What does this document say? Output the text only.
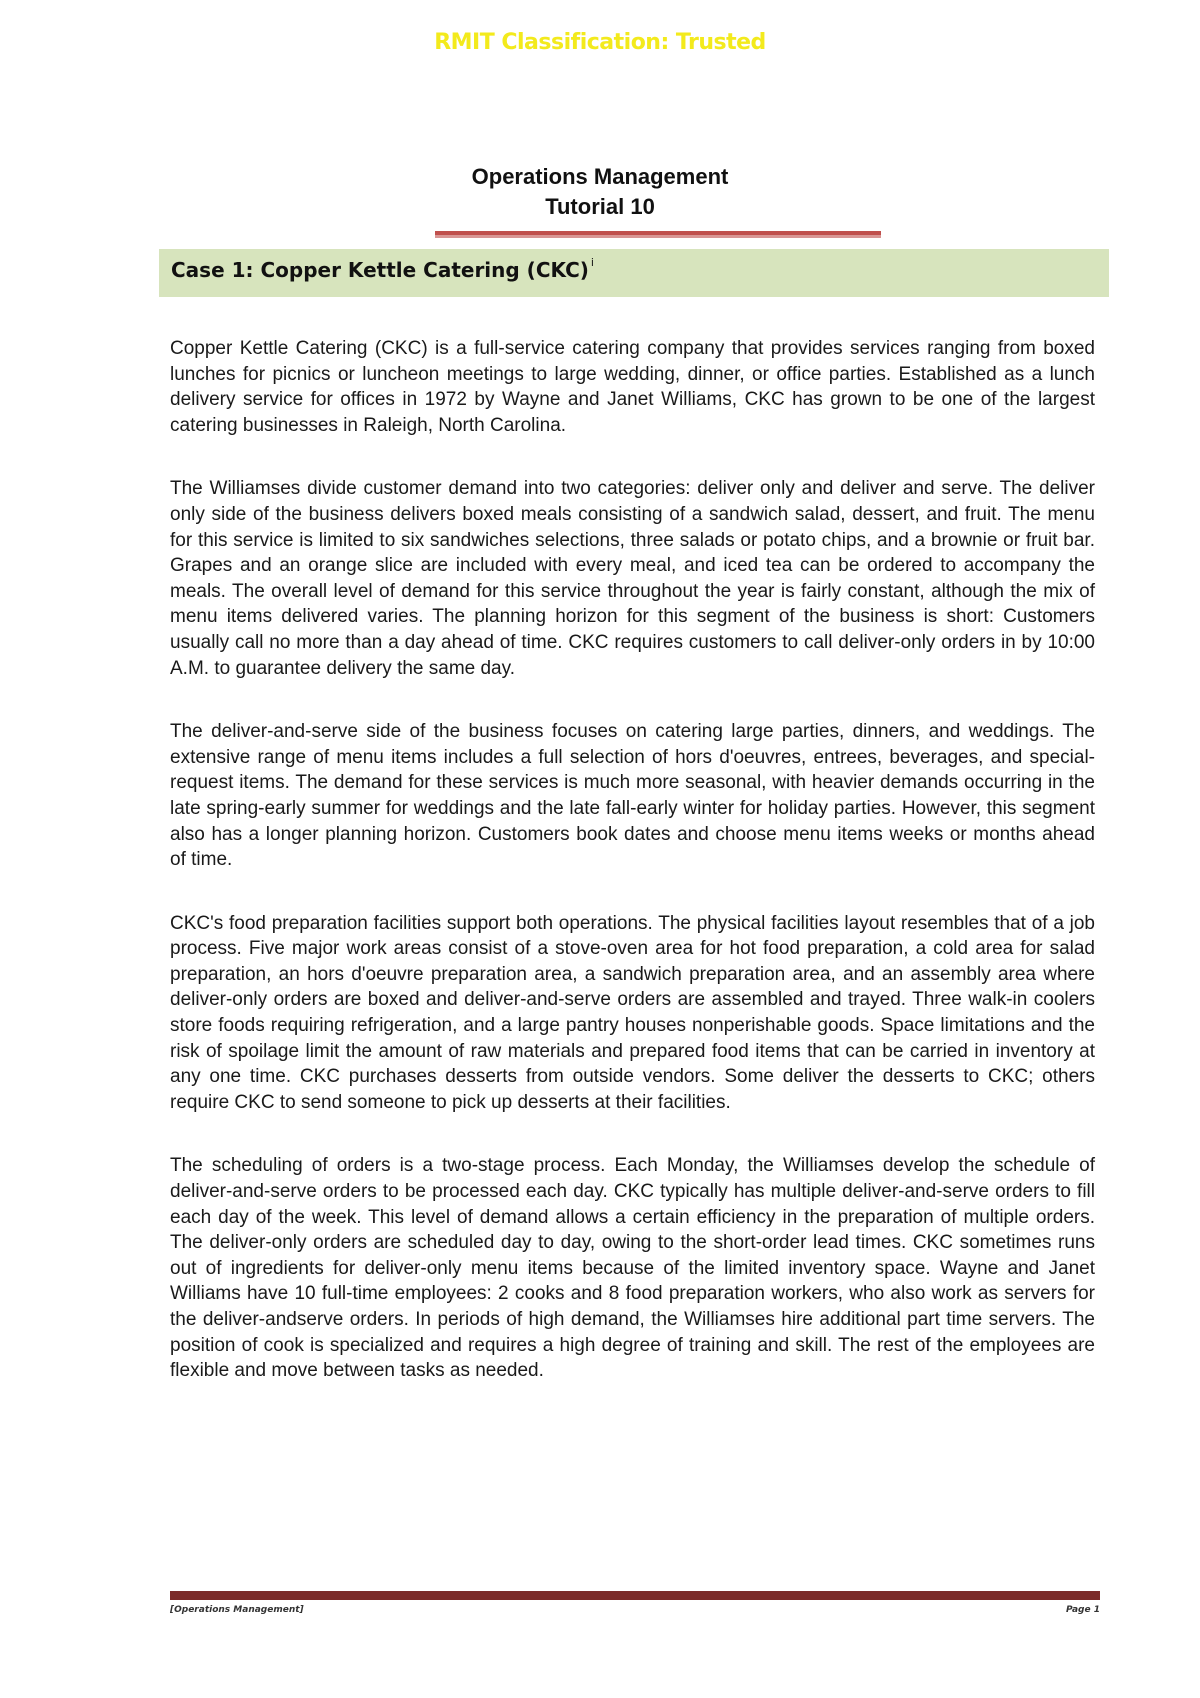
RMIT Classification: Trusted
Operations Management
Tutorial 10
Case 1: Copper Kettle Catering (CKC) $^i$

Copper Kettle Catering (CKC) is a full-service catering company that provides services ranging from boxed lunches for picnics or luncheon meetings to large wedding, dinner, or office parties. Established as a lunch delivery service for offices in 1972 by Wayne and Janet Williams, CKC has grown to be one of the largest catering businesses in Raleigh, North Carolina.

The Williamses divide customer demand into two categories: deliver only and deliver and serve. The deliver only side of the business delivers boxed meals consisting of a sandwich salad, dessert, and fruit. The menu for this service is limited to six sandwiches selections, three salads or potato chips, and a brownie or fruit bar. Grapes and an orange slice are included with every meal, and iced tea can be ordered to accompany the meals. The overall level of demand for this service throughout the year is fairly constant, although the mix of menu items delivered varies. The planning horizon for this segment of the business is short: Customers usually call no more than a day ahead of time. CKC requires customers to call deliver-only orders in by 10:00 A.M. to guarantee delivery the same day.

The deliver-and-serve side of the business focuses on catering large parties, dinners, and weddings. The extensive range of menu items includes a full selection of hors d'oeuvres, entrees, beverages, and special-request items. The demand for these services is much more seasonal, with heavier demands occurring in the late spring-early summer for weddings and the late fall-early winter for holiday parties. However, this segment also has a longer planning horizon. Customers book dates and choose menu items weeks or months ahead of time.

CKC's food preparation facilities support both operations. The physical facilities layout resembles that of a job process. Five major work areas consist of a stove-oven area for hot food preparation, a cold area for salad preparation, an hors d'oeuvre preparation area, a sandwich preparation area, and an assembly area where deliver-only orders are boxed and deliver-and-serve orders are assembled and trayed. Three walk-in coolers store foods requiring refrigeration, and a large pantry houses nonperishable goods. Space limitations and the risk of spoilage limit the amount of raw materials and prepared food items that can be carried in inventory at any one time. CKC purchases desserts from outside vendors. Some deliver the desserts to CKC; others require CKC to send someone to pick up desserts at their facilities.

The scheduling of orders is a two-stage process. Each Monday, the Williamses develop the schedule of deliver-and-serve orders to be processed each day. CKC typically has multiple deliver-and-serve orders to fill each day of the week. This level of demand allows a certain efficiency in the preparation of multiple orders. The deliver-only orders are scheduled day to day, owing to the short-order lead times. CKC sometimes runs out of ingredients for deliver-only menu items because of the limited inventory space. Wayne and Janet Williams have 10 full-time employees: 2 cooks and 8 food preparation workers, who also work as servers for the deliver-andserve orders. In periods of high demand, the Williamses hire additional part time servers. The position of cook is specialized and requires a high degree of training and skill. The rest of the employees are flexible and move between tasks as needed.

[Operations Management]	Page 1
